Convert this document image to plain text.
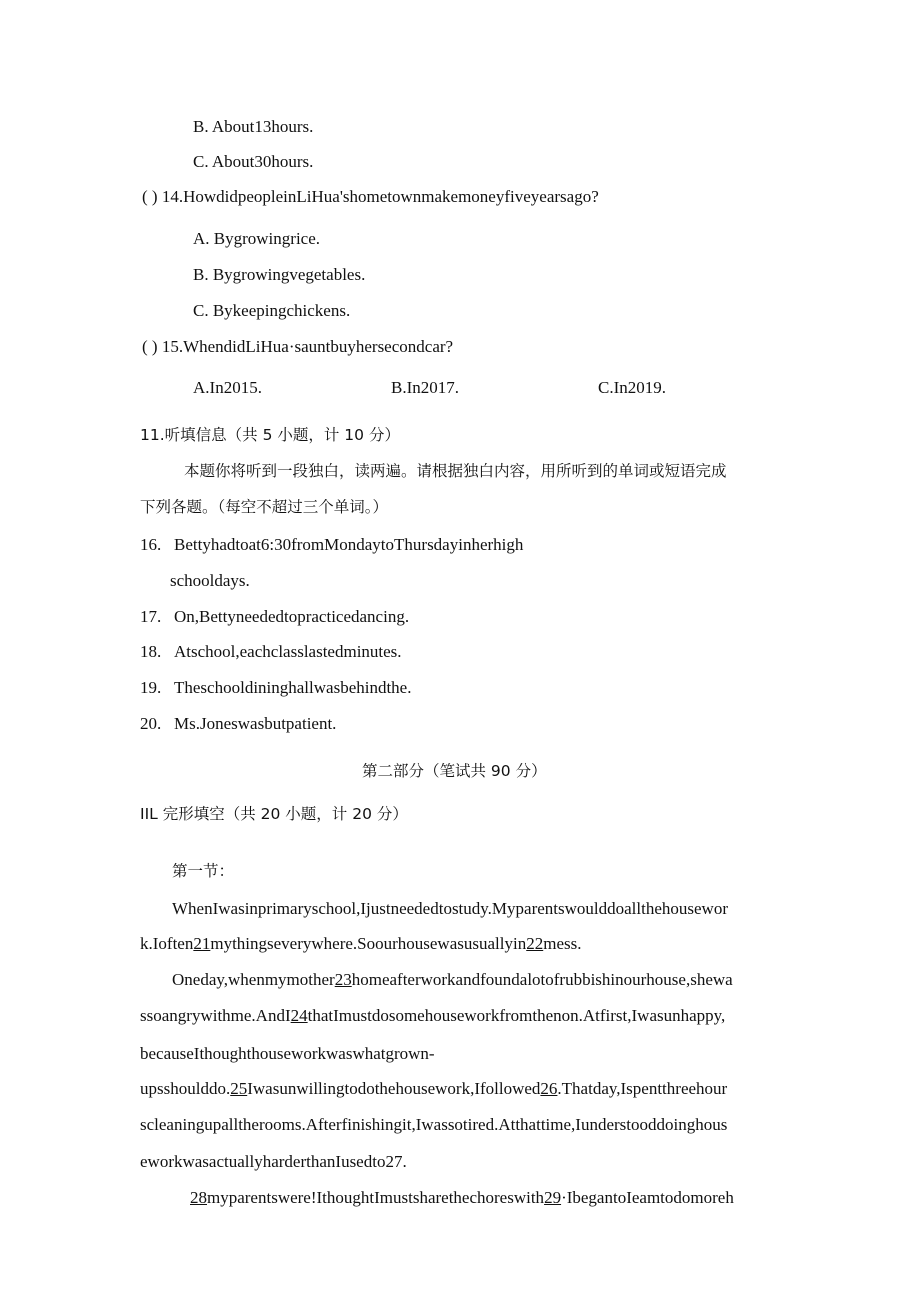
B. About13hours.
C. About30hours.
( ) 14.HowdidpeopleinLiHua'shometownmakemoneyfiveyearsago?
A. Bygrowingrice.
B. Bygrowingvegetables.
C. Bykeepingchickens.
( ) 15.WhendidLiHua·sauntbuyhersecondcar?
A.In2015.	B.In2017.	C.In2019.
11.听填信息（共 5 小题，计 10 分）
本题你将听到一段独白，读两遍。请根据独白内容，用所听到的单词或短语完成
下列各题。（每空不超过三个单词。）
16. Bettyhadtoat6:30fromMondaytoThursdayinherhigh
schooldays.
17. On,Bettyneededtopracticedancing.
18. Atschool,eachclasslastedminutes.
19. Theschooldininghallwasbehindthe.
20. Ms.Joneswasbutpatient.
第二部分（笔试共 90 分）
IIL 完形填空（共 20 小题，计 20 分）
第一节：
WhenIwasinprimaryschool,Ijustneededtostudy.Myparentswoulddoallthehousewor
k.Ioften21mythingseverywhere.Soourhousewasusuallyin22mess.
Oneday,whenmymother23homeafterworkandfoundalotofrubbishinourhouse,shewa
ssoangrywithme.AndI24thatImustdosomehouseworkfromthenon.Atfirst,Iwasunhappy,
becauseIthoughthouseworkwaswhatgrown-
upsshoulddo.25Iwasunwillingtodothehousework,Ifollowed26.Thatday,Ispentthreehour
scleaningupalltherooms.Afterfinishingit,Iwassotired.Atthattime,Iunderstooddoinghous
eworkwasactuallyharderthanIusedto27.
28myparentswere!IthoughtImustsharethechoreswith29·IbegantoIeamtodomoreh
